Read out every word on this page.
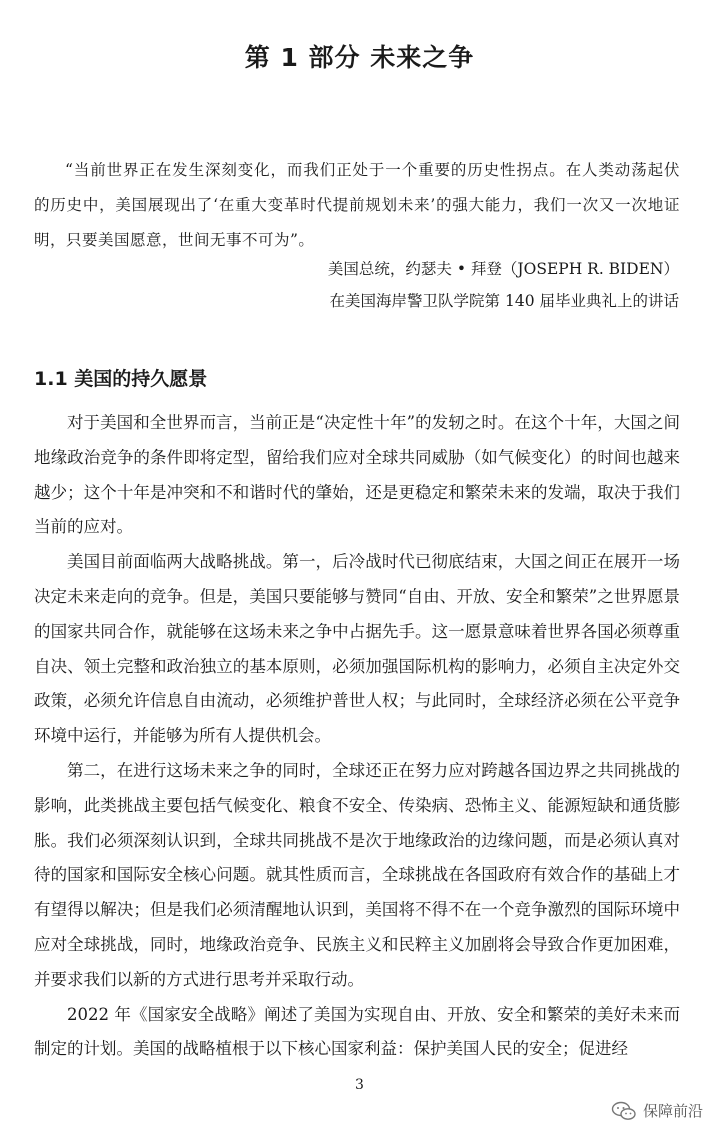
第 1 部分 未来之争

“当前世界正在发生深刻变化，而我们正处于一个重要的历史性拐点。在人类动荡起伏的历史中，美国展现出了‘在重大变革时代提前规划未来’的强大能力，我们一次又一次地证明，只要美国愿意，世间无事不可为”。

美国总统，约瑟夫 • 拜登（JOSEPH R. BIDEN）

在美国海岸警卫队学院第 140 届毕业典礼上的讲话

1.1 美国的持久愿景

对于美国和全世界而言，当前正是“决定性十年”的发轫之时。在这个十年，大国之间地缘政治竞争的条件即将定型，留给我们应对全球共同威胁（如气候变化）的时间也越来越少；这个十年是冲突和不和谐时代的肇始，还是更稳定和繁荣未来的发端，取决于我们当前的应对。

美国目前面临两大战略挑战。第一，后冷战时代已彻底结束，大国之间正在展开一场决定未来走向的竞争。但是，美国只要能够与赞同“自由、开放、安全和繁荣”之世界愿景的国家共同合作，就能够在这场未来之争中占据先手。这一愿景意味着世界各国必须尊重自决、领土完整和政治独立的基本原则，必须加强国际机构的影响力，必须自主决定外交政策，必须允许信息自由流动，必须维护普世人权；与此同时，全球经济必须在公平竞争环境中运行，并能够为所有人提供机会。

第二，在进行这场未来之争的同时，全球还正在努力应对跨越各国边界之共同挑战的影响，此类挑战主要包括气候变化、粮食不安全、传染病、恐怖主义、能源短缺和通货膨胀。我们必须深刻认识到，全球共同挑战不是次于地缘政治的边缘问题，而是必须认真对待的国家和国际安全核心问题。就其性质而言，全球挑战在各国政府有效合作的基础上才有望得以解决；但是我们必须清醒地认识到，美国将不得不在一个竞争激烈的国际环境中应对全球挑战，同时，地缘政治竞争、民族主义和民粹主义加剧将会导致合作更加困难，并要求我们以新的方式进行思考并采取行动。

2022 年《国家安全战略》阐述了美国为实现自由、开放、安全和繁荣的美好未来而制定的计划。美国的战略植根于以下核心国家利益：保护美国人民的安全；促进经

3

保障前沿
